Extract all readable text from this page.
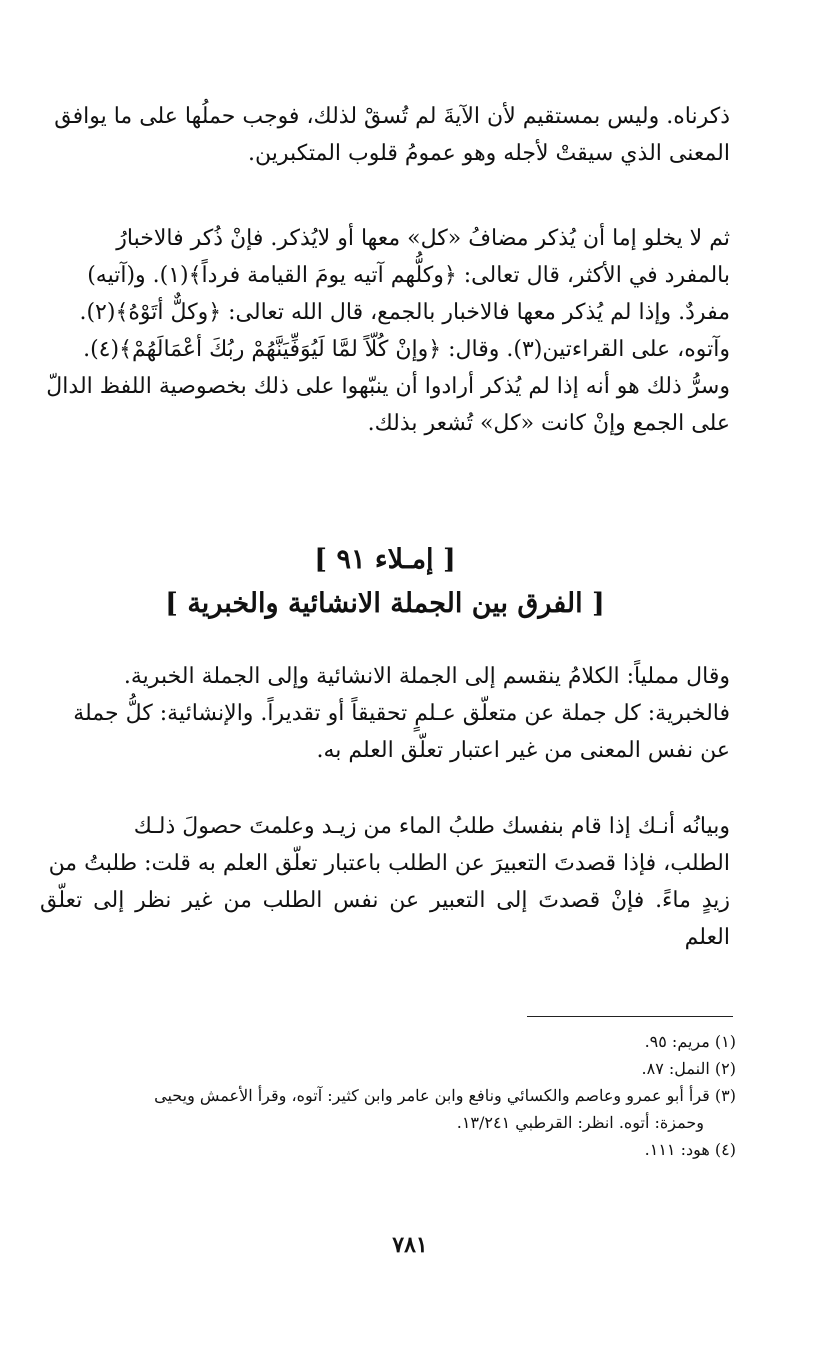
ذكرناه. وليس بمستقيم لأن الآيةَ لم تُسقْ لذلك، فوجب حملُها على ما يوافق
المعنى الذي سيقتْ لأجله وهو عمومُ قلوب المتكبرين.
ثم لا يخلو إما أن يُذكر مضافُ «كل» معها أو لايُذكر. فإنْ ذُكر فالاخبارُ
بالمفرد في الأكثر، قال تعالى: ﴿وكلُّهم آتيه يومَ القيامة فرداً﴾(١). و(آتيه)
مفردٌ. وإذا لم يُذكر معها فالاخبار بالجمع، قال الله تعالى: ﴿وكلٌّ أتَوْهُ﴾(٢).
وآتوه، على القراءتين(٣). وقال: ﴿وإنْ كُلّاً لمَّا لَيُوَفِّيَنَّهُمْ ربُكَ أعْمَالَهُمْ﴾(٤).
وسرُّ ذلك هو أنه إذا لم يُذكر أرادوا أن ينبّهوا على ذلك بخصوصية اللفظ الدالّ
على الجمع وإنْ كانت «كل» تُشعر بذلك.
[ إمـلاء ٩١ ]
[ الفرق بين الجملة الانشائية والخبرية ]
وقال مملياً: الكلامُ ينقسم إلى الجملة الانشائية وإلى الجملة الخبرية.
فالخبرية: كل جملة عن متعلّق عـلمٍ تحقيقاً أو تقديراً. والإنشائية: كلُّ جملة
عن نفس المعنى من غير اعتبار تعلّق العلم به.
وبيانُه أنـك إذا قام بنفسك طلبُ الماء من زيـد وعلمتَ حصولَ ذلـك
الطلب، فإذا قصدتَ التعبيرَ عن الطلب باعتبار تعلّق العلم به قلت: طلبتُ من
زيدٍ ماءً. فإنْ قصدتَ إلى التعبير عن نفس الطلب من غير نظر إلى تعلّق العلم
(١) مريم: ٩٥.
(٢) النمل: ٨٧.
(٣) قرأ أبو عمرو وعاصم والكسائي ونافع وابن عامر وابن كثير: آتوه، وقرأ الأعمش ويحيى
وحمزة: أتوه. انظر: القرطبي ١٣/٢٤١.
(٤) هود: ١١١.
٧٨١
